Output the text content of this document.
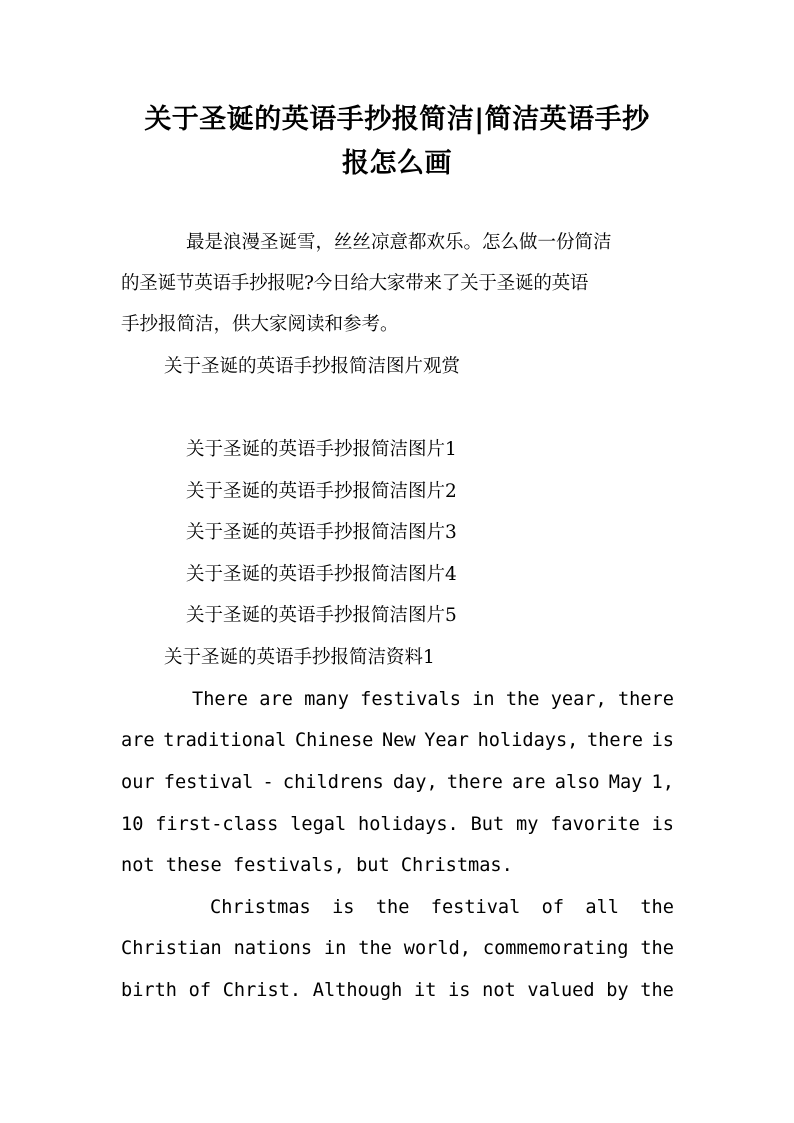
关于圣诞的英语手抄报简洁|简洁英语手抄
报怎么画
最是浪漫圣诞雪，丝丝凉意都欢乐。怎么做一份简洁
的圣诞节英语手抄报呢?今日给大家带来了关于圣诞的英语
手抄报简洁，供大家阅读和参考。
关于圣诞的英语手抄报简洁图片观赏
关于圣诞的英语手抄报简洁图片1
关于圣诞的英语手抄报简洁图片2
关于圣诞的英语手抄报简洁图片3
关于圣诞的英语手抄报简洁图片4
关于圣诞的英语手抄报简洁图片5
关于圣诞的英语手抄报简洁资料1
There are many festivals in the year, there
are traditional Chinese New Year holidays, there is
our festival - childrens day, there are also May 1,
10 first-class legal holidays. But my favorite is
not these festivals, but Christmas.
Christmas is the festival of all the
Christian nations in the world, commemorating the
birth of Christ. Although it is not valued by the
